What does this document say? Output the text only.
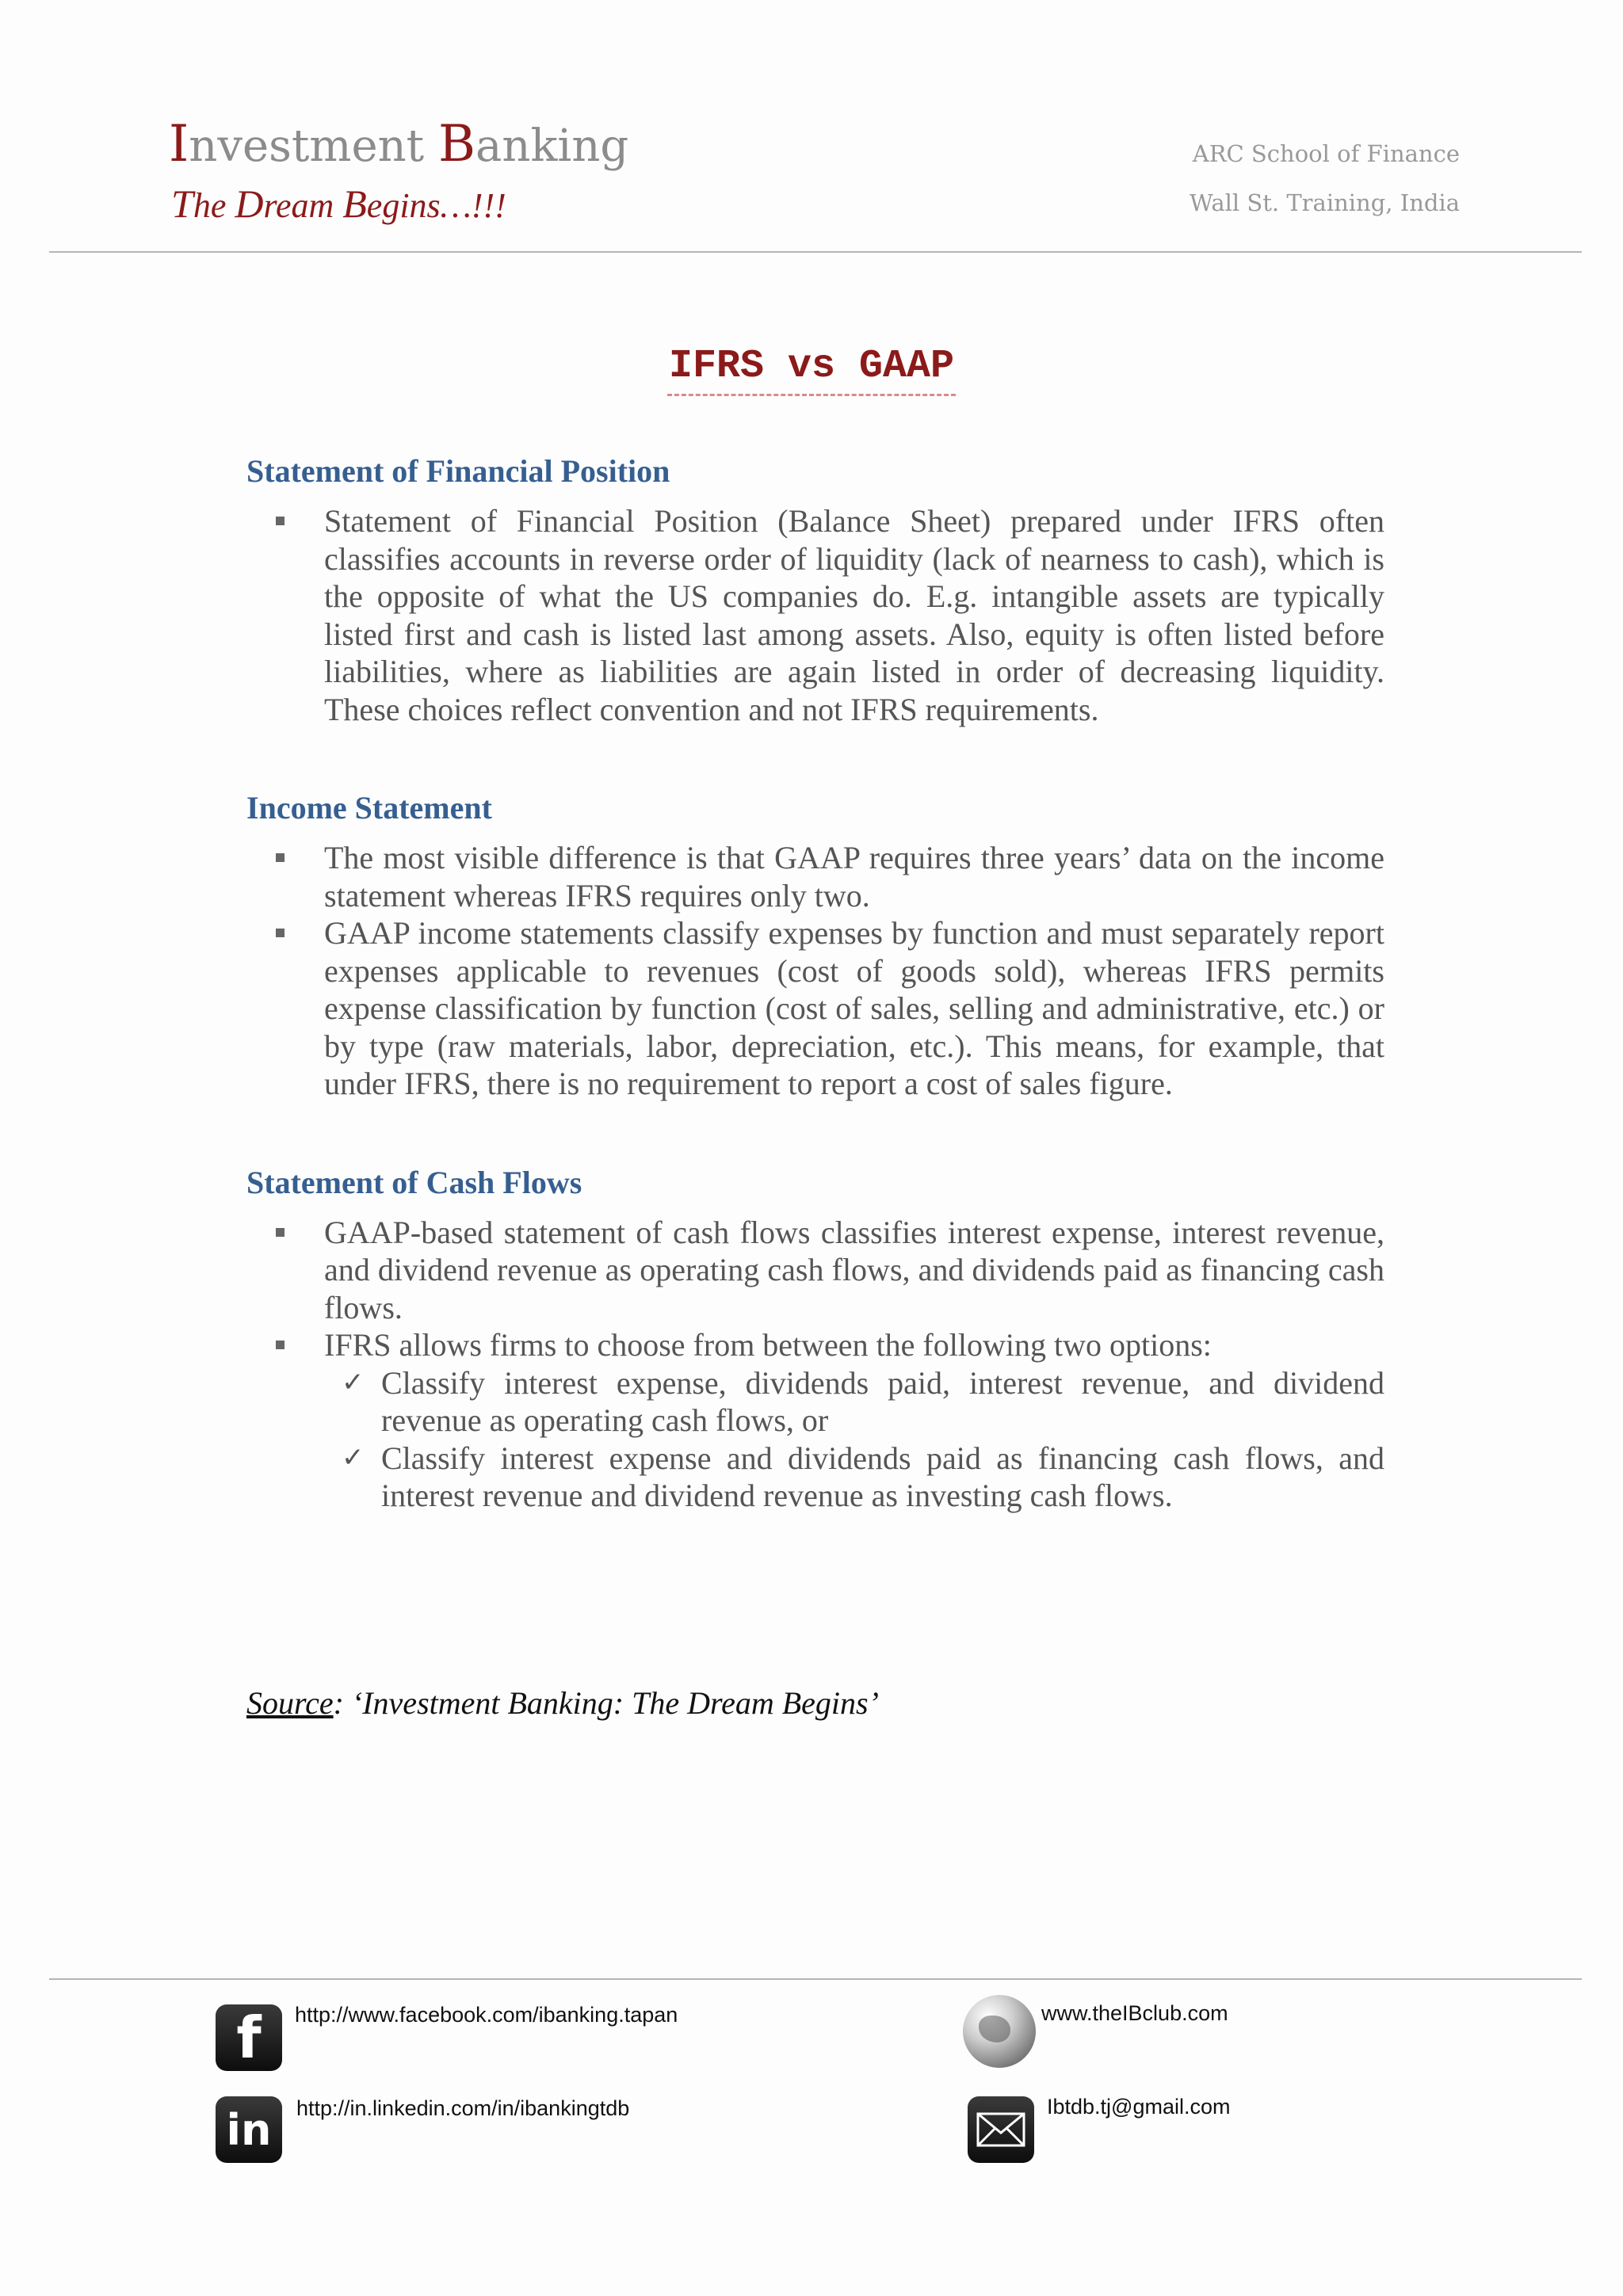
Investment Banking
The Dream Begins…!!!
ARC School of Finance
Wall St. Training, India
IFRS vs GAAP
Statement of Financial Position
Statement of Financial Position (Balance Sheet) prepared under IFRS often classifies accounts in reverse order of liquidity (lack of nearness to cash), which is the opposite of what the US companies do. E.g. intangible assets are typically listed first and cash is listed last among assets. Also, equity is often listed before liabilities, where as liabilities are again listed in order of decreasing liquidity. These choices reflect convention and not IFRS requirements.
Income Statement
The most visible difference is that GAAP requires three years’ data on the income statement whereas IFRS requires only two.
GAAP income statements classify expenses by function and must separately report expenses applicable to revenues (cost of goods sold), whereas IFRS permits expense classification by function (cost of sales, selling and administrative, etc.) or by type (raw materials, labor, depreciation, etc.). This means, for example, that under IFRS, there is no requirement to report a cost of sales figure.
Statement of Cash Flows
GAAP-based statement of cash flows classifies interest expense, interest revenue, and dividend revenue as operating cash flows, and dividends paid as financing cash flows.
IFRS allows firms to choose from between the following two options:
✓ Classify interest expense, dividends paid, interest revenue, and dividend revenue as operating cash flows, or
✓ Classify interest expense and dividends paid as financing cash flows, and interest revenue and dividend revenue as investing cash flows.
Source: ‘Investment Banking: The Dream Begins’
f	http://www.facebook.com/ibanking.tapan
in	http://in.linkedin.com/in/ibankingtdb
www.theIBclub.com
Ibtdb.tj@gmail.com
